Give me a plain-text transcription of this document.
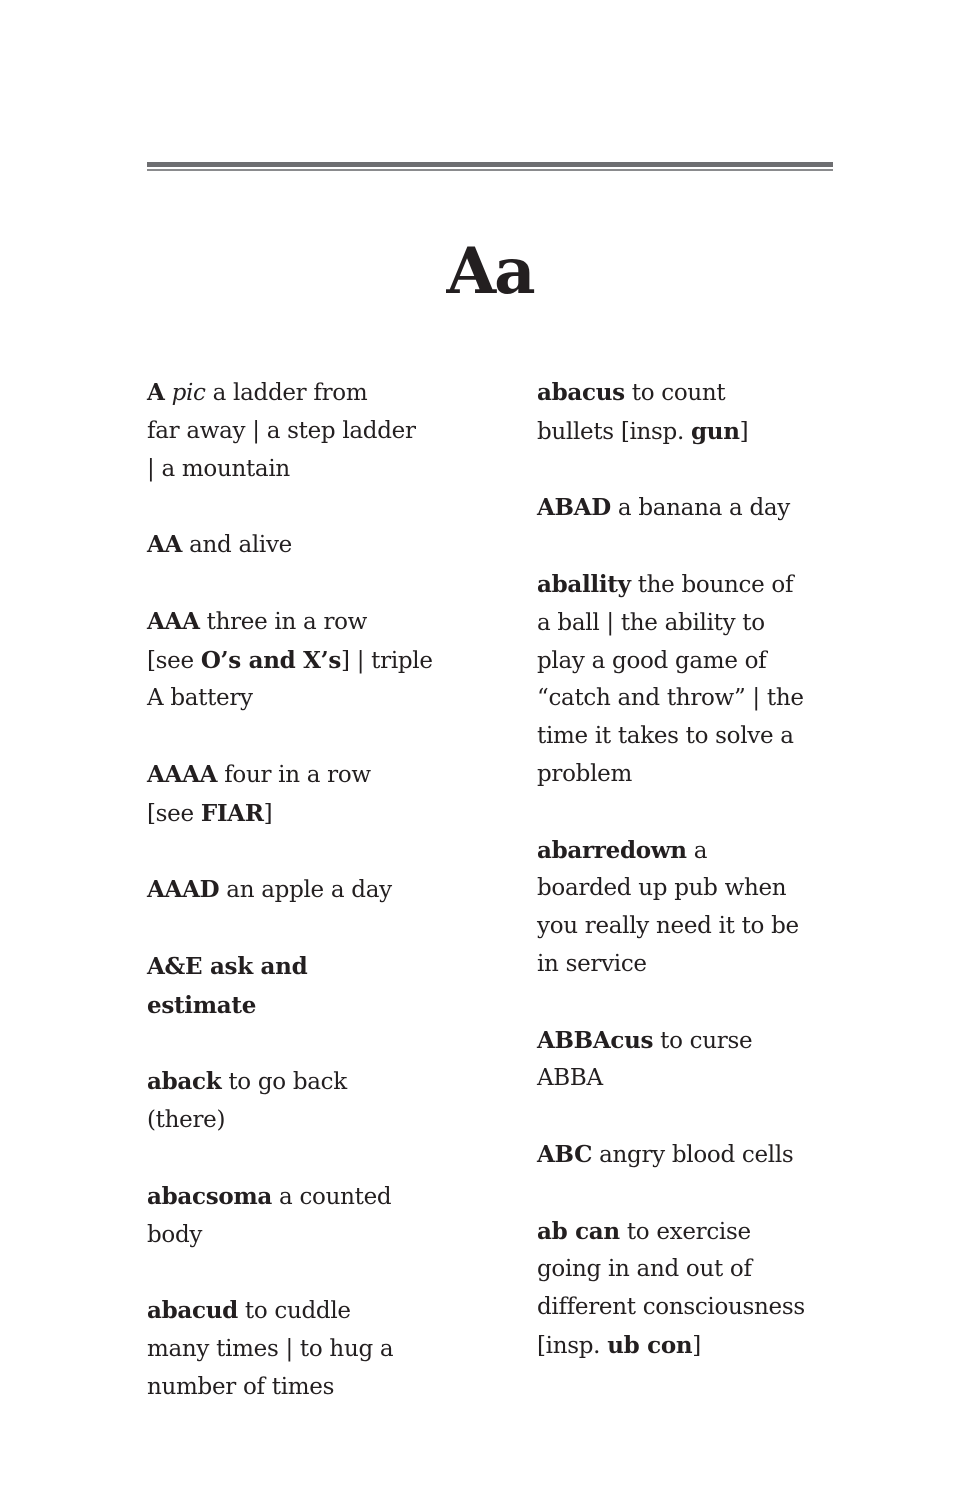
Aa
A pic a ladder from
far away | a step ladder
| a mountain
AA and alive
AAA three in a row
[see O’s and X’s] | triple
A battery
AAAA four in a row
[see FIAR]
AAAD an apple a day
A&E ask and
estimate
aback to go back
(there)
abacsoma a counted
body
abacud to cuddle
many times | to hug a
number of times
abacus to count
bullets [insp. gun]
ABAD a banana a day
aballity the bounce of
a ball | the ability to
play a good game of
“catch and throw” | the
time it takes to solve a
problem
abarredown a
boarded up pub when
you really need it to be
in service
ABBAcus to curse
ABBA
ABC angry blood cells
ab can to exercise
going in and out of
different consciousness
[insp. ub con]
